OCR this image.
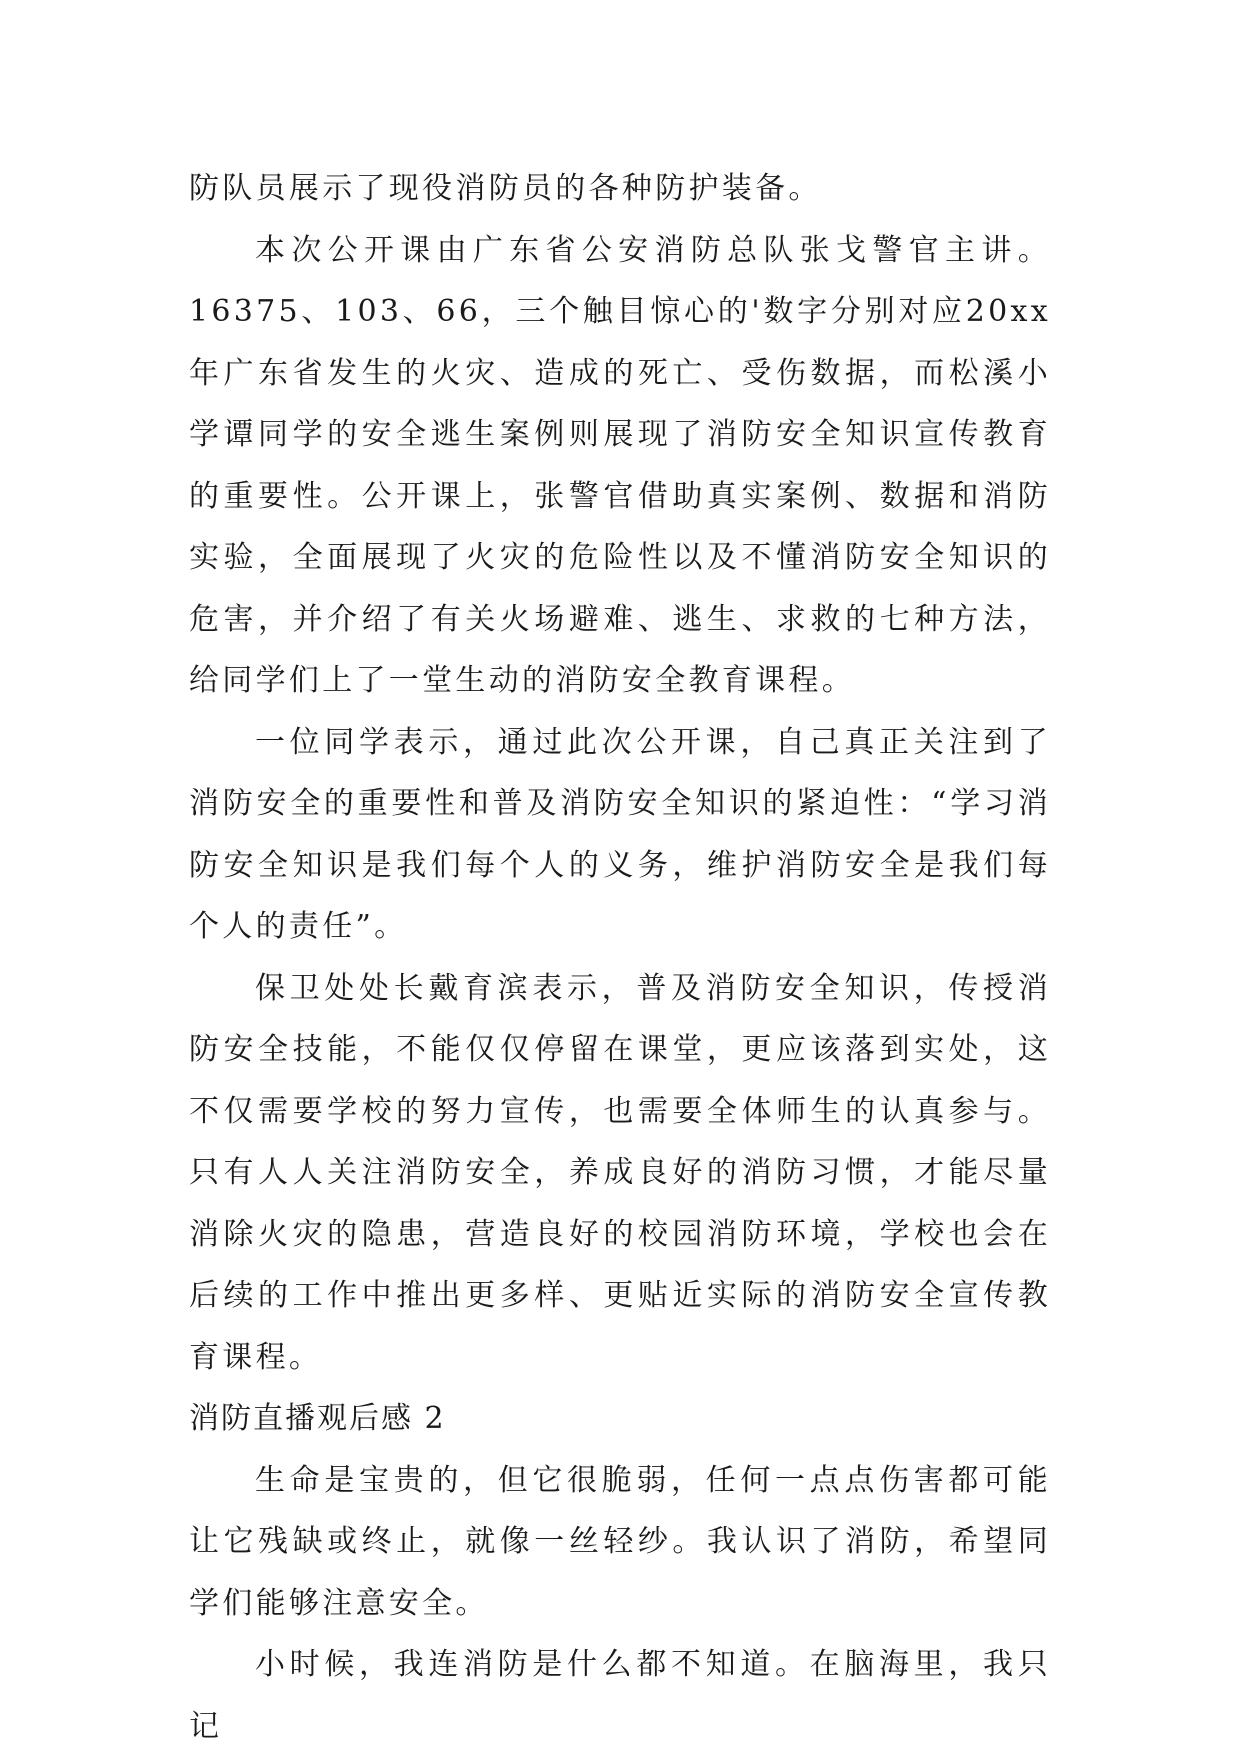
防队员展示了现役消防员的各种防护装备。

本次公开课由广东省公安消防总队张戈警官主讲。16375、103、66，三个触目惊心的'数字分别对应20xx年广东省发生的火灾、造成的死亡、受伤数据，而松溪小学谭同学的安全逃生案例则展现了消防安全知识宣传教育的重要性。公开课上，张警官借助真实案例、数据和消防实验，全面展现了火灾的危险性以及不懂消防安全知识的危害，并介绍了有关火场避难、逃生、求救的七种方法，给同学们上了一堂生动的消防安全教育课程。

一位同学表示，通过此次公开课，自己真正关注到了消防安全的重要性和普及消防安全知识的紧迫性：“学习消防安全知识是我们每个人的义务，维护消防安全是我们每个人的责任”。

保卫处处长戴育滨表示，普及消防安全知识，传授消防安全技能，不能仅仅停留在课堂，更应该落到实处，这不仅需要学校的努力宣传，也需要全体师生的认真参与。只有人人关注消防安全，养成良好的消防习惯，才能尽量消除火灾的隐患，营造良好的校园消防环境，学校也会在后续的工作中推出更多样、更贴近实际的消防安全宣传教育课程。

消防直播观后感 2

生命是宝贵的，但它很脆弱，任何一点点伤害都可能让它残缺或终止，就像一丝轻纱。我认识了消防，希望同学们能够注意安全。

小时候，我连消防是什么都不知道。在脑海里，我只记
